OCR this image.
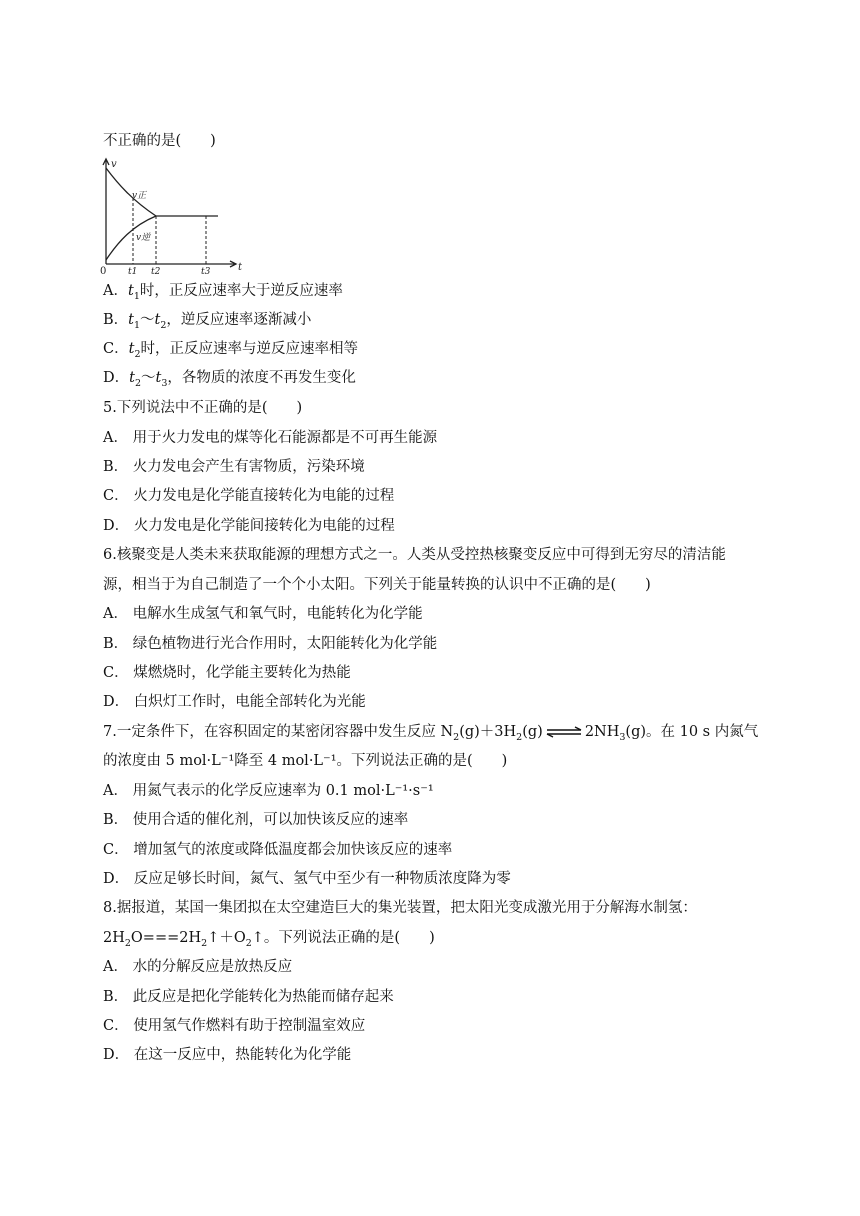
不正确的是(　　)
v
t
v正
v逆
t1 t2	t3
0
A．$t_1$时，正反应速率大于逆反应速率
B．$t_1\sim t_2$，逆反应速率逐渐减小
C．$t_2$时，正反应速率与逆反应速率相等
D．$t_2\sim t_3$，各物质的浓度不再发生变化
5.下列说法中不正确的是(　　)
A． 用于火力发电的煤等化石能源都是不可再生能源
B． 火力发电会产生有害物质，污染环境
C． 火力发电是化学能直接转化为电能的过程
D． 火力发电是化学能间接转化为电能的过程
6.核聚变是人类未来获取能源的理想方式之一。人类从受控热核聚变反应中可得到无穷尽的清洁能
源，相当于为自己制造了一个个小太阳。下列关于能量转换的认识中不正确的是(　　)
A． 电解水生成氢气和氧气时，电能转化为化学能
B． 绿色植物进行光合作用时，太阳能转化为化学能
C． 煤燃烧时，化学能主要转化为热能
D． 白炽灯工作时，电能全部转化为光能
7.一定条件下，在容积固定的某密闭容器中发生反应 $N_2(g)+3H_2(g)$ ⇌ $2NH_3(g)$。在 10 s 内氮气
的浓度由 5 mol·L⁻¹降至 4 mol·L⁻¹。下列说法正确的是(　　)
A． 用氮气表示的化学反应速率为 0.1 mol·L⁻¹·s⁻¹
B． 使用合适的催化剂，可以加快该反应的速率
C． 增加氢气的浓度或降低温度都会加快该反应的速率
D． 反应足够长时间，氮气、氢气中至少有一种物质浓度降为零
8.据报道，某国一集团拟在太空建造巨大的集光装置，把太阳光变成激光用于分解海水制氢：
$2H_2O===2H_2↑+O_2↑$。下列说法正确的是(　　)
A． 水的分解反应是放热反应
B． 此反应是把化学能转化为热能而储存起来
C． 使用氢气作燃料有助于控制温室效应
D． 在这一反应中，热能转化为化学能
